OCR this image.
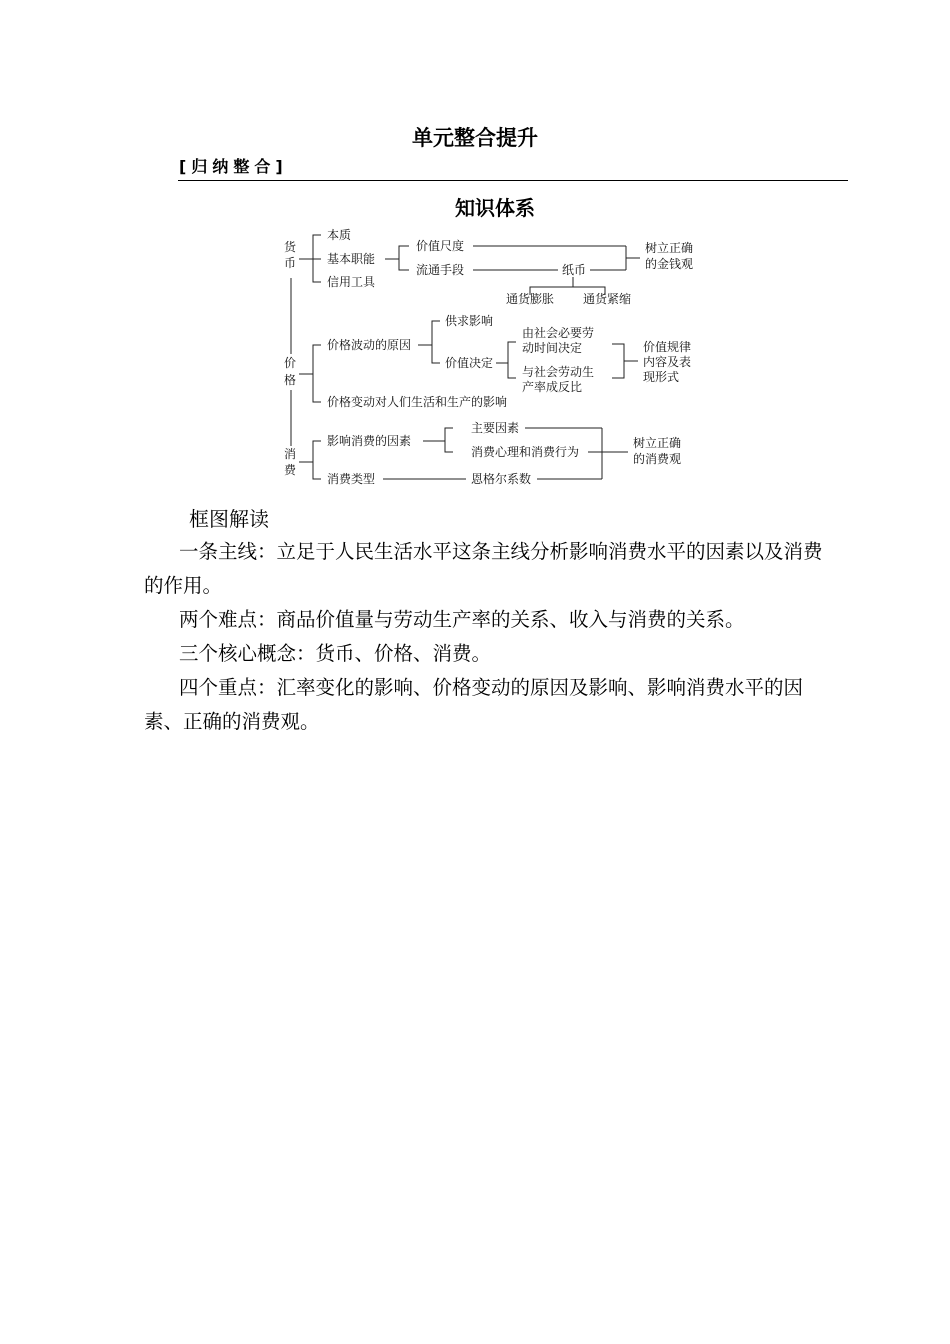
单元整合提升
[归纳整合]
知识体系
货
币
本质
基本职能
信用工具
价值尺度
流通手段	纸币
树立正确
的金钱观
通货膨胀 通货紧缩
价
格
价格波动的原因
价格变动对人们生活和生产的影响
供求影响
价值决定
由社会必要劳
动时间决定
与社会劳动生
产率成反比
价值规律
内容及表
现形式
消
费
影响消费的因素
消费类型
主要因素
消费心理和消费行为
恩格尔系数
树立正确
的消费观
框图解读
一条主线：立足于人民生活水平这条主线分析影响消费水平的因素以及消费的作用。
两个难点：商品价值量与劳动生产率的关系、收入与消费的关系。
三个核心概念：货币、价格、消费。
四个重点：汇率变化的影响、价格变动的原因及影响、影响消费水平的因素、正确的消费观。
